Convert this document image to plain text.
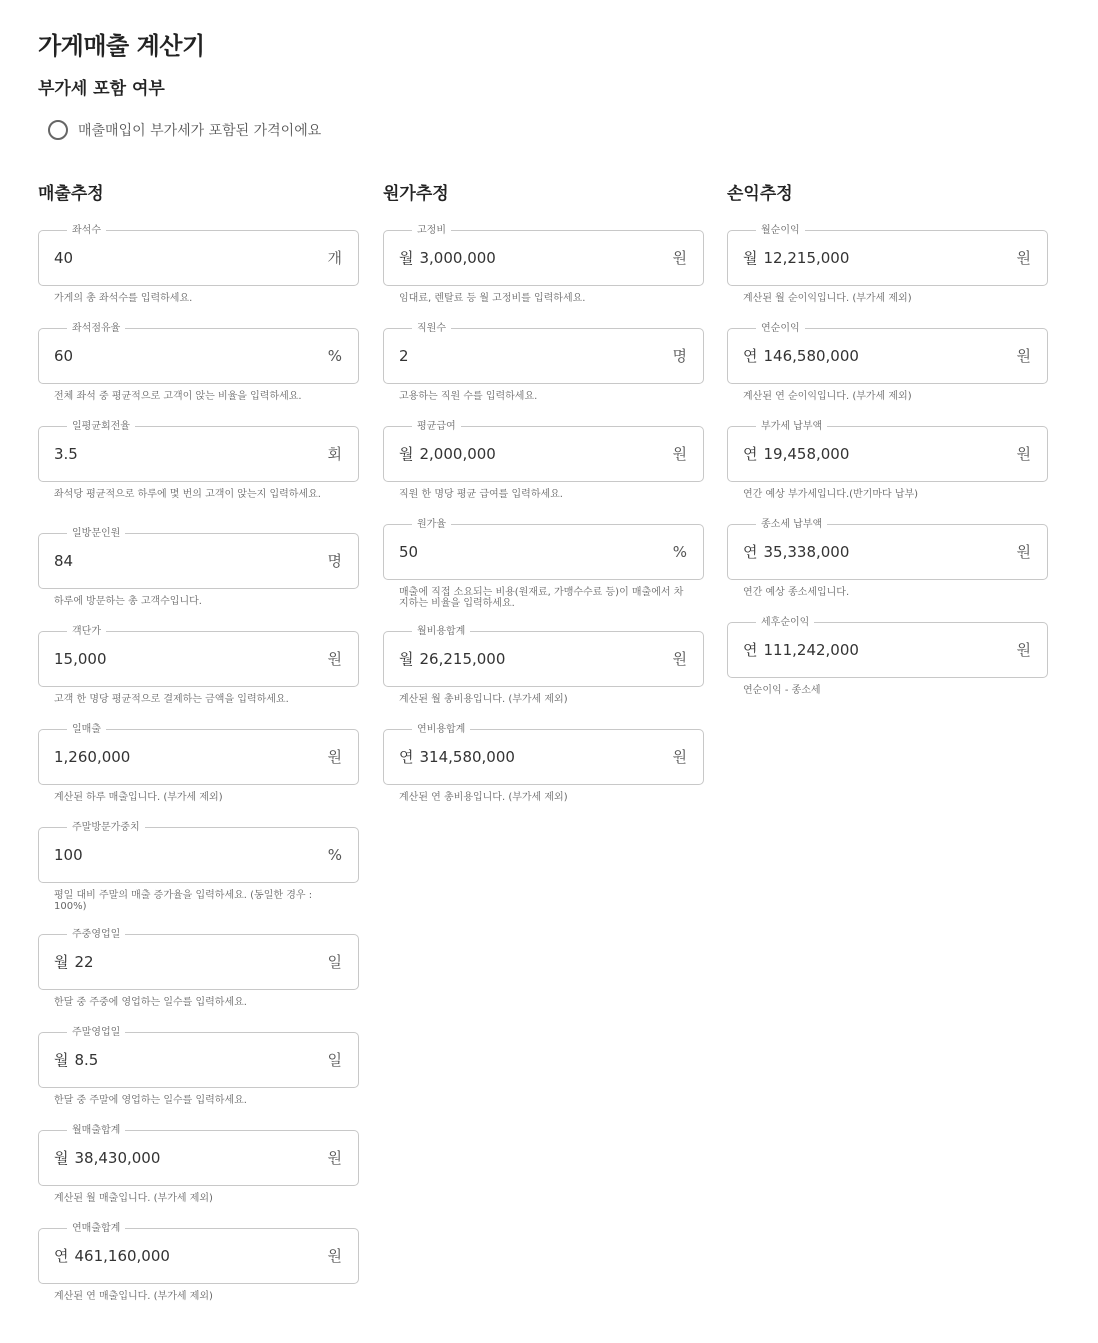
가게매출 계산기
부가세 포함 여부
매출매입이 부가세가 포함된 가격이에요
매출추정
좌석수
40	개
가게의 총 좌석수를 입력하세요.
좌석점유율
60	%
전체 좌석 중 평균적으로 고객이 앉는 비율을 입력하세요.
일평균회전율
3.5	회
좌석당 평균적으로 하루에 몇 번의 고객이 앉는지 입력하세요.
일방문인원
84	명
하루에 방문하는 총 고객수입니다.
객단가
15,000	원
고객 한 명당 평균적으로 결제하는 금액을 입력하세요.
일매출
1,260,000	원
계산된 하루 매출입니다. (부가세 제외)
주말방문가중치
100	%
평일 대비 주말의 매출 증가율을 입력하세요. (동일한 경우 : 100%)
주중영업일
월 22	일
한달 중 주중에 영업하는 일수를 입력하세요.
주말영업일
월 8.5	일
한달 중 주말에 영업하는 일수를 입력하세요.
월매출합계
월 38,430,000	원
계산된 월 매출입니다. (부가세 제외)
연매출합계
연 461,160,000	원
계산된 연 매출입니다. (부가세 제외)
원가추정
고정비
월 3,000,000	원
임대료, 렌탈료 등 월 고정비를 입력하세요.
직원수
2	명
고용하는 직원 수를 입력하세요.
평균급여
월 2,000,000	원
직원 한 명당 평균 급여를 입력하세요.
원가율
50	%
매출에 직접 소요되는 비용(원재료, 가맹수수료 등)이 매출에서 차지하는 비율을 입력하세요.
월비용합계
월 26,215,000	원
계산된 월 총비용입니다. (부가세 제외)
연비용합계
연 314,580,000	원
계산된 연 총비용입니다. (부가세 제외)
손익추정
월순이익
월 12,215,000	원
계산된 월 순이익입니다. (부가세 제외)
연순이익
연 146,580,000	원
계산된 연 순이익입니다. (부가세 제외)
부가세 납부액
연 19,458,000	원
연간 예상 부가세입니다.(반기마다 납부)
종소세 납부액
연 35,338,000	원
연간 예상 종소세입니다.
세후순이익
연 111,242,000	원
연순이익 - 종소세
